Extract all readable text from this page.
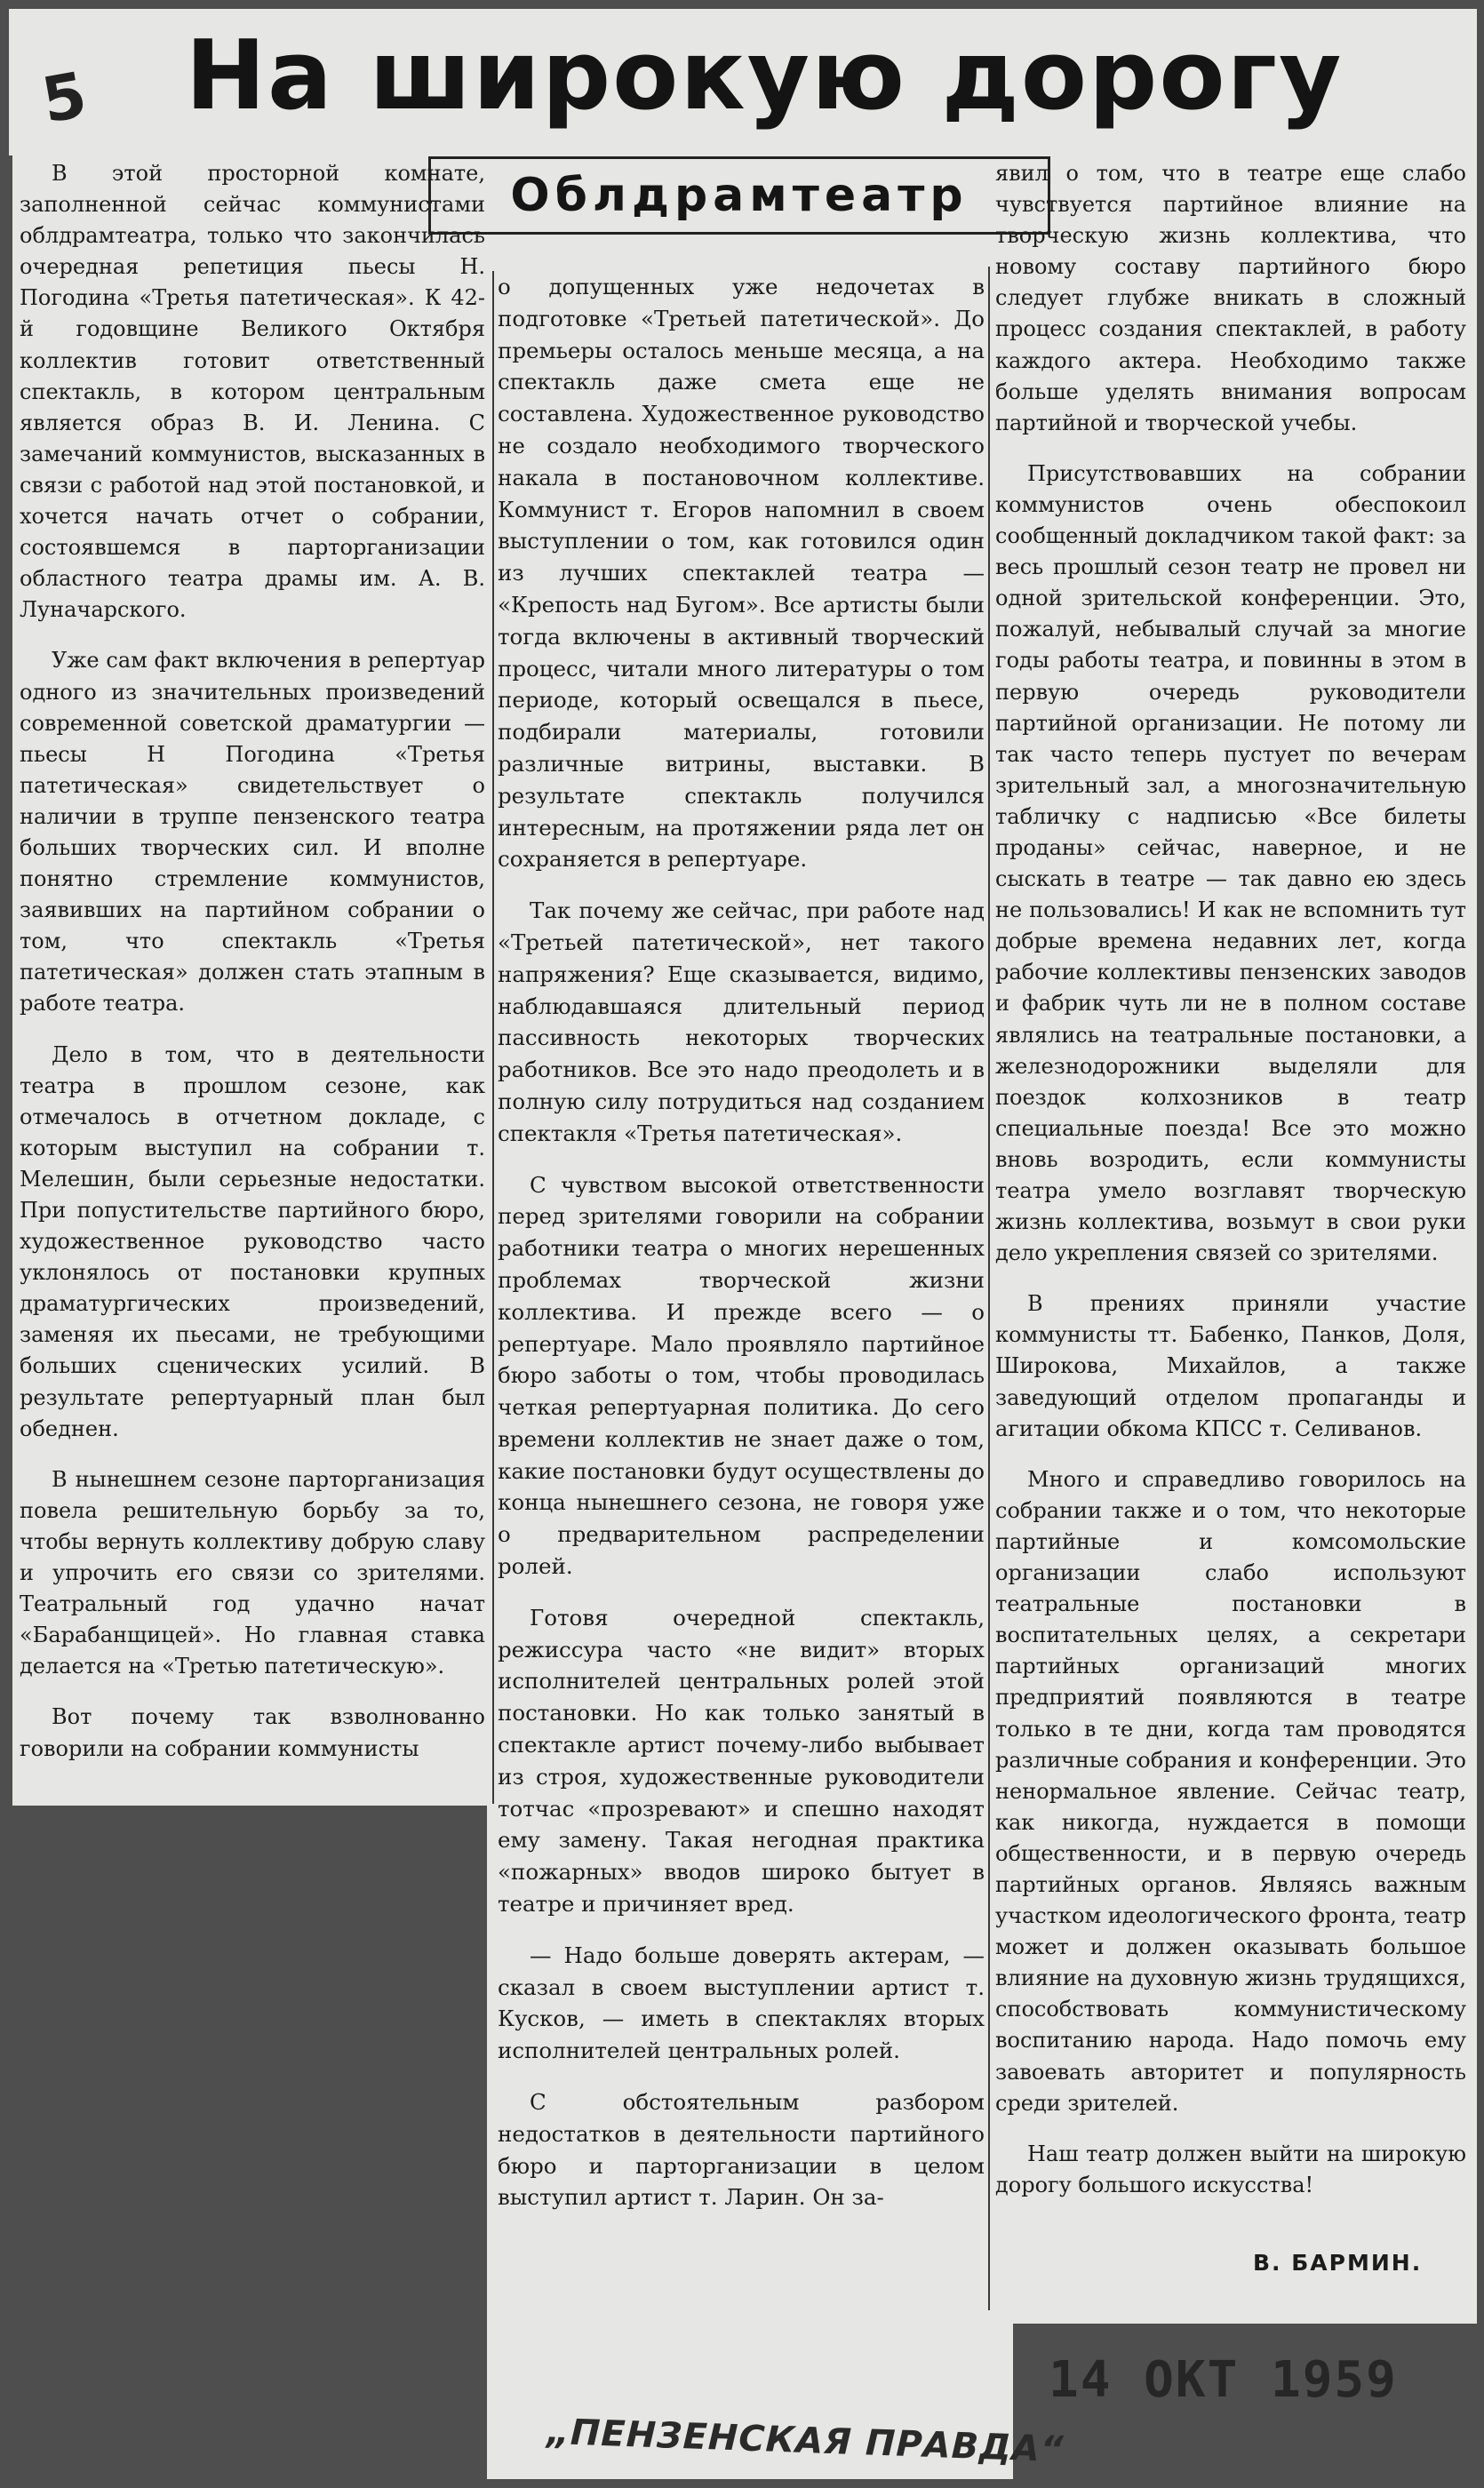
5 На широкую дорогу
Облдрамтеатр

В этой просторной комнате, заполненной сейчас коммунистами облдрамтеатра, только что закончилась очередная репетиция пьесы Н. Погодина «Третья патетическая». К 42-й годовщине Великого Октября коллектив готовит ответственный спектакль, в котором центральным является образ В. И. Ленина. С замечаний коммунистов, высказанных в связи с работой над этой постановкой, и хочется начать отчет о собрании, состоявшемся в парторганизации областного театра драмы им. А. В. Луначарского.

Уже сам факт включения в репертуар одного из значительных произведений современной советской драматургии — пьесы Н Погодина «Третья патетическая» свидетельствует о наличии в труппе пензенского театра больших творческих сил. И вполне понятно стремление коммунистов, заявивших на партийном собрании о том, что спектакль «Третья патетическая» должен стать этапным в работе театра.

Дело в том, что в деятельности театра в прошлом сезоне, как отмечалось в отчетном докладе, с которым выступил на собрании т. Мелешин, были серьезные недостатки. При попустительстве партийного бюро, художественное руководство часто уклонялось от постановки крупных драматургических произведений, заменяя их пьесами, не требующими больших сценических усилий. В результате репертуарный план был обеднен.

В нынешнем сезоне парторганизация повела решительную борьбу за то, чтобы вернуть коллективу добрую славу и упрочить его связи со зрителями. Театральный год удачно начат «Барабанщицей». Но главная ставка делается на «Третью патетическую».

Вот почему так взволнованно говорили на собрании коммунисты

о допущенных уже недочетах в подготовке «Третьей патетической». До премьеры осталось меньше месяца, а на спектакль даже смета еще не составлена. Художественное руководство не создало необходимого творческого накала в постановочном коллективе. Коммунист т. Егоров напомнил в своем выступлении о том, как готовился один из лучших спектаклей театра — «Крепость над Бугом». Все артисты были тогда включены в активный творческий процесс, читали много литературы о том периоде, который освещался в пьесе, подбирали материалы, готовили различные витрины, выставки. В результате спектакль получился интересным, на протяжении ряда лет он сохраняется в репертуаре.

Так почему же сейчас, при работе над «Третьей патетической», нет такого напряжения? Еще сказывается, видимо, наблюдавшаяся длительный период пассивность некоторых творческих работников. Все это надо преодолеть и в полную силу потрудиться над созданием спектакля «Третья патетическая».

С чувством высокой ответственности перед зрителями говорили на собрании работники театра о многих нерешенных проблемах творческой жизни коллектива. И прежде всего — о репертуаре. Мало проявляло партийное бюро заботы о том, чтобы проводилась четкая репертуарная политика. До сего времени коллектив не знает даже о том, какие постановки будут осуществлены до конца нынешнего сезона, не говоря уже о предварительном распределении ролей.

Готовя очередной спектакль, режиссура часто «не видит» вторых исполнителей центральных ролей этой постановки. Но как только занятый в спектакле артист почему-либо выбывает из строя, художественные руководители тотчас «прозревают» и спешно находят ему замену. Такая негодная практика «пожарных» вводов широко бытует в театре и причиняет вред.

— Надо больше доверять актерам, — сказал в своем выступлении артист т. Кусков, — иметь в спектаклях вторых исполнителей центральных ролей.

С обстоятельным разбором недостатков в деятельности партийного бюро и парторганизации в целом выступил артист т. Ларин. Он за-

явил о том, что в театре еще слабо чувствуется партийное влияние на творческую жизнь коллектива, что новому составу партийного бюро следует глубже вникать в сложный процесс создания спектаклей, в работу каждого актера. Необходимо также больше уделять внимания вопросам партийной и творческой учебы.

Присутствовавших на собрании коммунистов очень обеспокоил сообщенный докладчиком такой факт: за весь прошлый сезон театр не провел ни одной зрительской конференции. Это, пожалуй, небывалый случай за многие годы работы театра, и повинны в этом в первую очередь руководители партийной организации. Не потому ли так часто теперь пустует по вечерам зрительный зал, а многозначительную табличку с надписью «Все билеты проданы» сейчас, наверное, и не сыскать в театре — так давно ею здесь не пользовались! И как не вспомнить тут добрые времена недавних лет, когда рабочие коллективы пензенских заводов и фабрик чуть ли не в полном составе являлись на театральные постановки, а железнодорожники выделяли для поездок колхозников в театр специальные поезда! Все это можно вновь возродить, если коммунисты театра умело возглавят творческую жизнь коллектива, возьмут в свои руки дело укрепления связей со зрителями.

В прениях приняли участие коммунисты тт. Бабенко, Панков, Доля, Широкова, Михайлов, а также заведующий отделом пропаганды и агитации обкома КПСС т. Селиванов.

Много и справедливо говорилось на собрании также и о том, что некоторые партийные и комсомольские организации слабо используют театральные постановки в воспитательных целях, а секретари партийных организаций многих предприятий появляются в театре только в те дни, когда там проводятся различные собрания и конференции. Это ненормальное явление. Сейчас театр, как никогда, нуждается в помощи общественности, и в первую очередь партийных органов. Являясь важным участком идеологического фронта, театр может и должен оказывать большое влияние на духовную жизнь трудящихся, способствовать коммунистическому воспитанию народа. Надо помочь ему завоевать авторитет и популярность среди зрителей.

Наш театр должен выйти на широкую дорогу большого искусства!

В. БАРМИН.
14 ОКТ 1959
„ПЕНЗЕНСКАЯ ПРАВДА“
